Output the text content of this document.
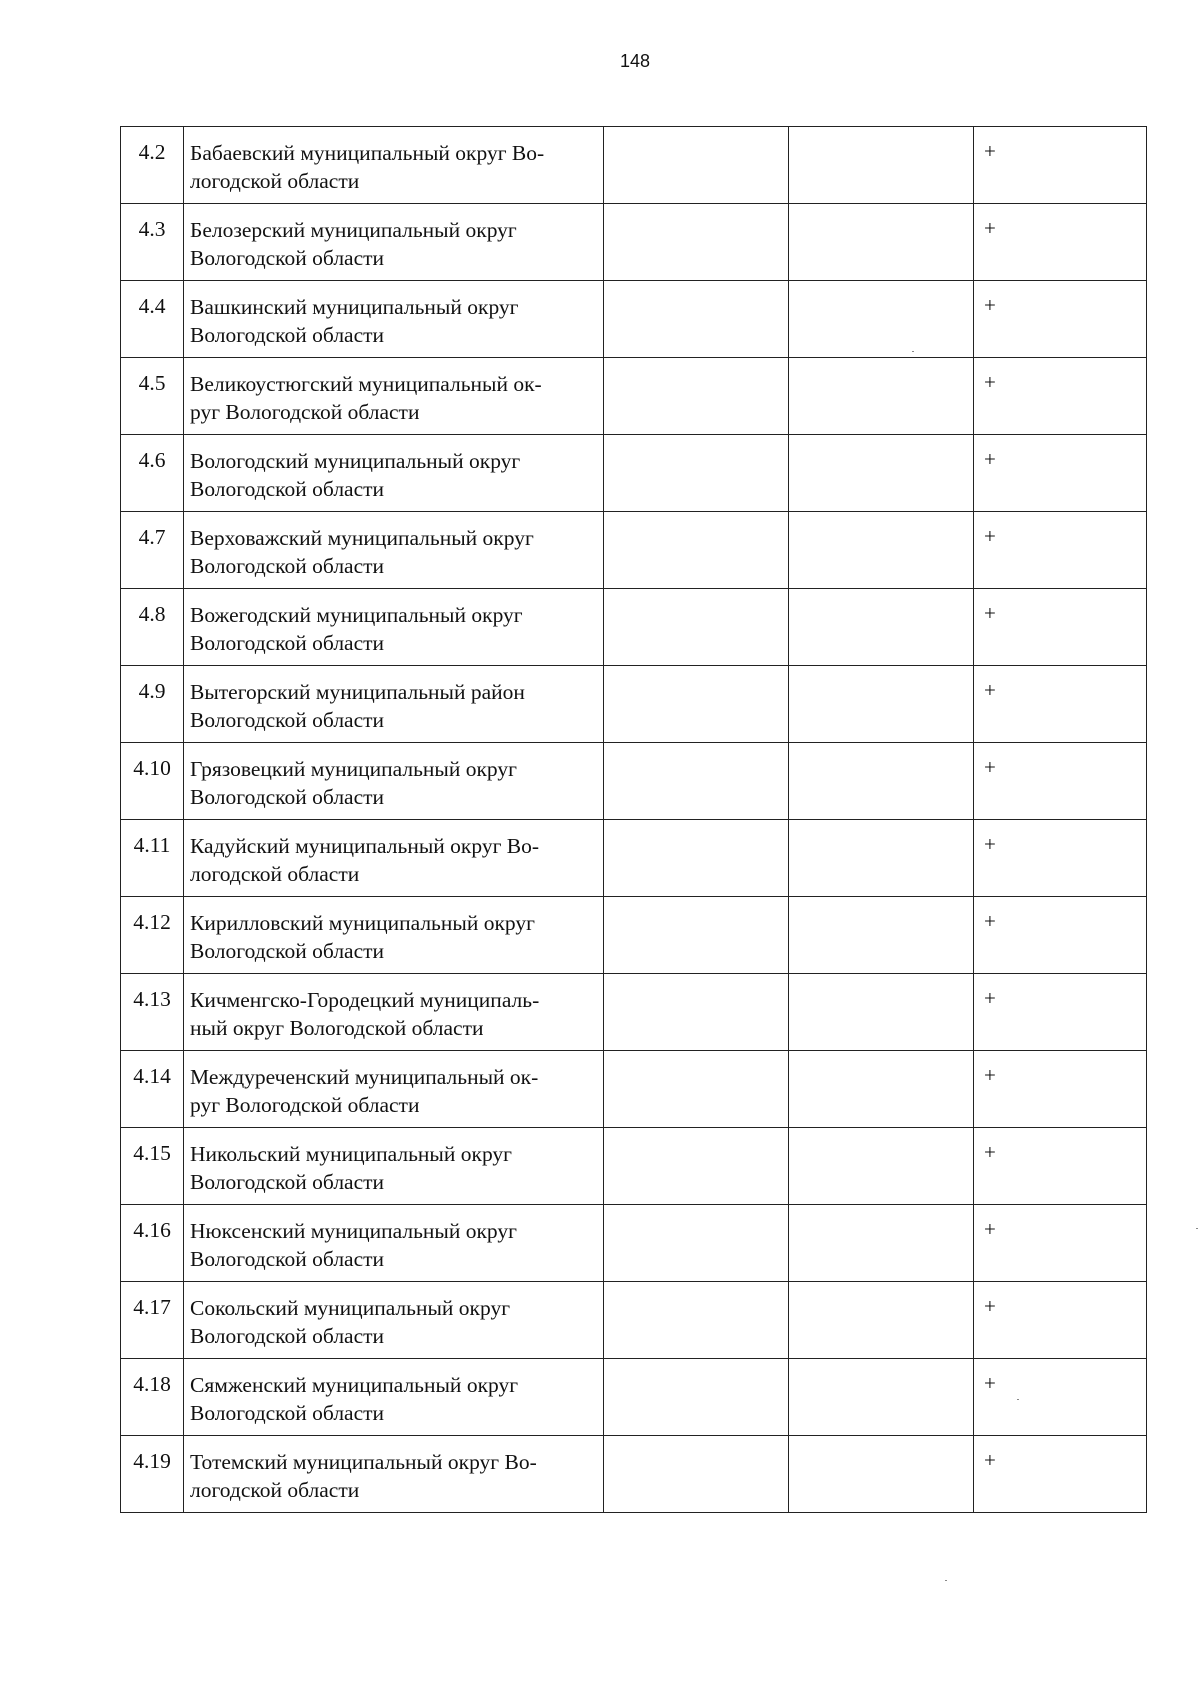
148
4.2	Бабаевский муниципальный округ Во-
логодской области			+
4.3	Белозерский муниципальный округ
Вологодской области			+
4.4	Вашкинский муниципальный округ
Вологодской области			+
4.5	Великоустюгский муниципальный ок-
руг Вологодской области			+
4.6	Вологодский муниципальный округ
Вологодской области			+
4.7	Верховажский муниципальный округ
Вологодской области			+
4.8	Вожегодский муниципальный округ
Вологодской области			+
4.9	Вытегорский муниципальный район
Вологодской области			+
4.10	Грязовецкий муниципальный округ
Вологодской области			+
4.11	Кадуйский муниципальный округ Во-
логодской области			+
4.12	Кирилловский муниципальный округ
Вологодской области			+
4.13	Кичменгско-Городецкий муниципаль-
ный округ Вологодской области			+
4.14	Междуреченский муниципальный ок-
руг Вологодской области			+
4.15	Никольский муниципальный округ
Вологодской области			+
4.16	Нюксенский муниципальный округ
Вологодской области			+
4.17	Сокольский муниципальный округ
Вологодской области			+
4.18	Сямженский муниципальный округ
Вологодской области			+
4.19	Тотемский муниципальный округ Во-
логодской области			+
